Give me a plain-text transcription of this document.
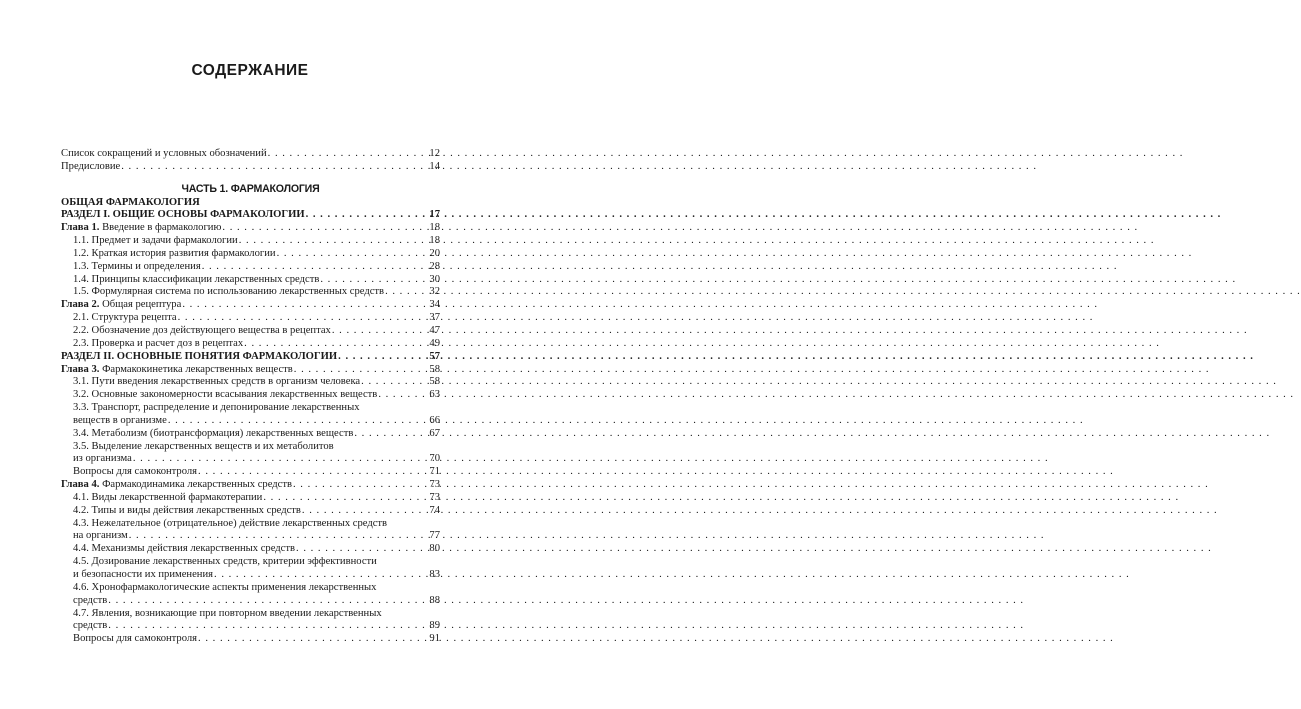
СОДЕРЖАНИЕ
Список сокращений и условных обозначений . . .	12
Предисловие . . .	14
ЧАСТЬ 1. ФАРМАКОЛОГИЯ
ОБЩАЯ ФАРМАКОЛОГИЯ
РАЗДЕЛ I. ОБЩИЕ ОСНОВЫ ФАРМАКОЛОГИИ . . .	17
Глава 1. Введение в фармакологию . . .	18
1.1. Предмет и задачи фармакологии . . .	18
1.2. Краткая история развития фармакологии . . .	20
1.3. Термины и определения . . .	28
1.4. Принципы классификации лекарственных средств . . .	30
1.5. Формулярная система по использованию лекарственных средств . . .	32
Глава 2. Общая рецептура . . .	34
2.1. Структура рецепта . . .	37
2.2. Обозначение доз действующего вещества в рецептах . . .	47
2.3. Проверка и расчет доз в рецептах . . .	49
РАЗДЕЛ II. ОСНОВНЫЕ ПОНЯТИЯ ФАРМАКОЛОГИИ . . .	57
Глава 3. Фармакокинетика лекарственных веществ . . .	58
3.1. Пути введения лекарственных средств в организм человека . . .	58
3.2. Основные закономерности всасывания лекарственных веществ . . .	63
3.3. Транспорт, распределение и депонирование лекарственных
веществ в организме . . .	66
3.4. Метаболизм (биотрансформация) лекарственных веществ . . .	67
3.5. Выделение лекарственных веществ и их метаболитов
из организма . . .	70
Вопросы для самоконтроля . . .	71
Глава 4. Фармакодинамика лекарственных средств . . .	73
4.1. Виды лекарственной фармакотерапии . . .	73
4.2. Типы и виды действия лекарственных средств . . .	74
4.3. Нежелательное (отрицательное) действие лекарственных средств
на организм . . .	77
4.4. Механизмы действия лекарственных средств . . .	80
4.5. Дозирование лекарственных средств, критерии эффективности
и безопасности их применения . . .	83
4.6. Хронофармакологические аспекты применения лекарственных
средств . . .	88
4.7. Явления, возникающие при повторном введении лекарственных
средств . . .	89
Вопросы для самоконтроля . . .	91
